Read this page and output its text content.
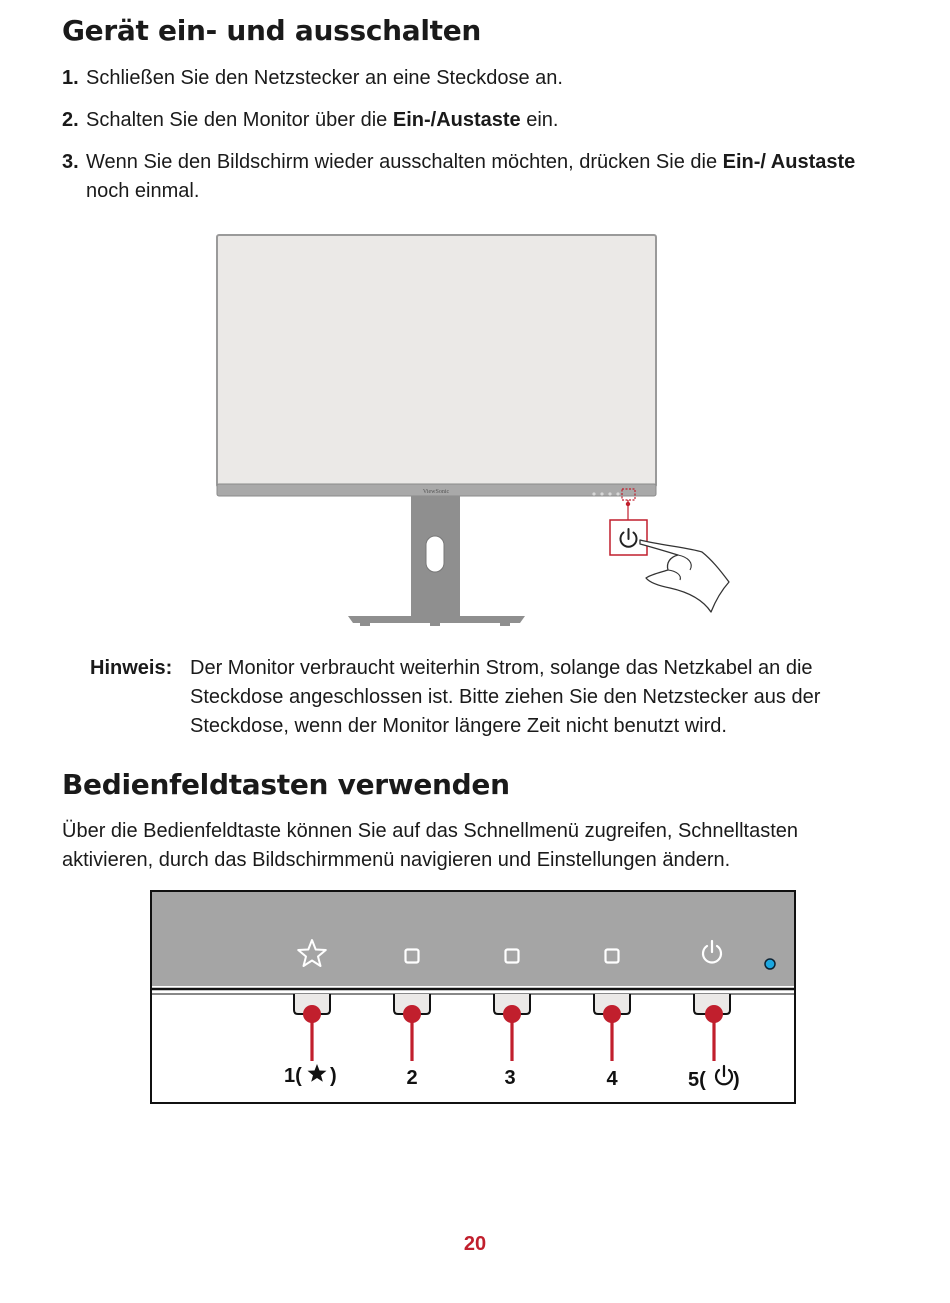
Gerät ein- und ausschalten
1. Schließen Sie den Netzstecker an eine Steckdose an.
2. Schalten Sie den Monitor über die Ein-/Austaste ein.
3. Wenn Sie den Bildschirm wieder ausschalten möchten, drücken Sie die Ein-/ Austaste noch einmal.
ViewSonic
Hinweis: Der Monitor verbraucht weiterhin Strom, solange das Netzkabel an die Steckdose angeschlossen ist. Bitte ziehen Sie den Netzstecker aus der Steckdose, wenn der Monitor längere Zeit nicht benutzt wird.
Bedienfeldtasten verwenden
Über die Bedienfeldtaste können Sie auf das Schnellmenü zugreifen, Schnelltasten aktivieren, durch das Bildschirmmenü navigieren und Einstellungen ändern.
1( )	2	3	4	5( )
20
